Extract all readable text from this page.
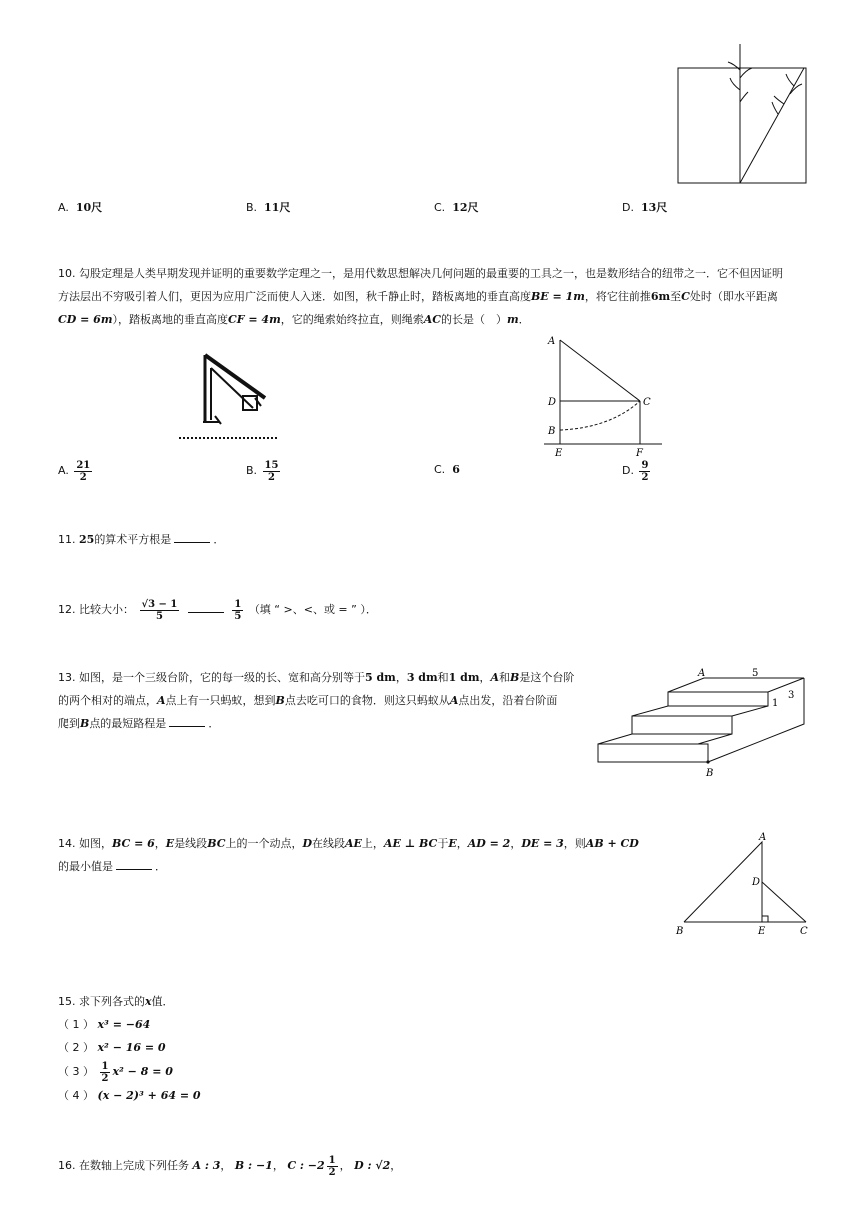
A. 10尺	B. 11尺	C. 12尺	D. 13尺
10. 勾股定理是人类早期发现并证明的重要数学定理之一，是用代数思想解决几何问题的最重要的工具之一，也是数形结合的纽带之一．它不但因证明
方法层出不穷吸引着人们，更因为应用广泛而使人入迷．如图，秋千静止时，踏板离地的垂直高度BE = 1m，将它往前推6m至C处时（即水平距离
CD = 6m），踏板离地的垂直高度CF = 4m，它的绳索始终拉直，则绳索AC的长是（　）m．
A
D	C
B
E	F
A. $\frac{21}{2}$	B. $\frac{15}{2}$	C. 6	D. $\frac{9}{2}$
11. 25的算术平方根是	．
12. 比较大小： $\frac{√3 - 1}{5}$
	$\frac{1}{5}$ （填 “ >、<、或 = ” ）．
13. 如图，是一个三级台阶，它的每一级的长、宽和高分别等于5 dm，3 dm和1 dm，A和B是这个台阶
的两个相对的端点，A点上有一只蚂蚁，想到B点去吃可口的食物．则这只蚂蚁从A点出发，沿着台阶面
爬到B点的最短路程是	．
A	5
3
1
B
14. 如图，BC = 6，E是线段BC上的一个动点，D在线段AE上，AE ⊥ BC于E，AD = 2，DE = 3，则AB + CD
的最小值是	．
A
D
B	E	C
15. 求下列各式的x值．
（ 1 ） x³ = −64
（ 2 ） x² − 16 = 0
（ 3 ） $\frac{1}{2} x^2 - 8 = 0$
（ 4 ） (x − 2)³ + 64 = 0
16. 在数轴上完成下列任务 A : 3， B : −1， C : $-2 \frac{1}{2}$ ， D : √2，
